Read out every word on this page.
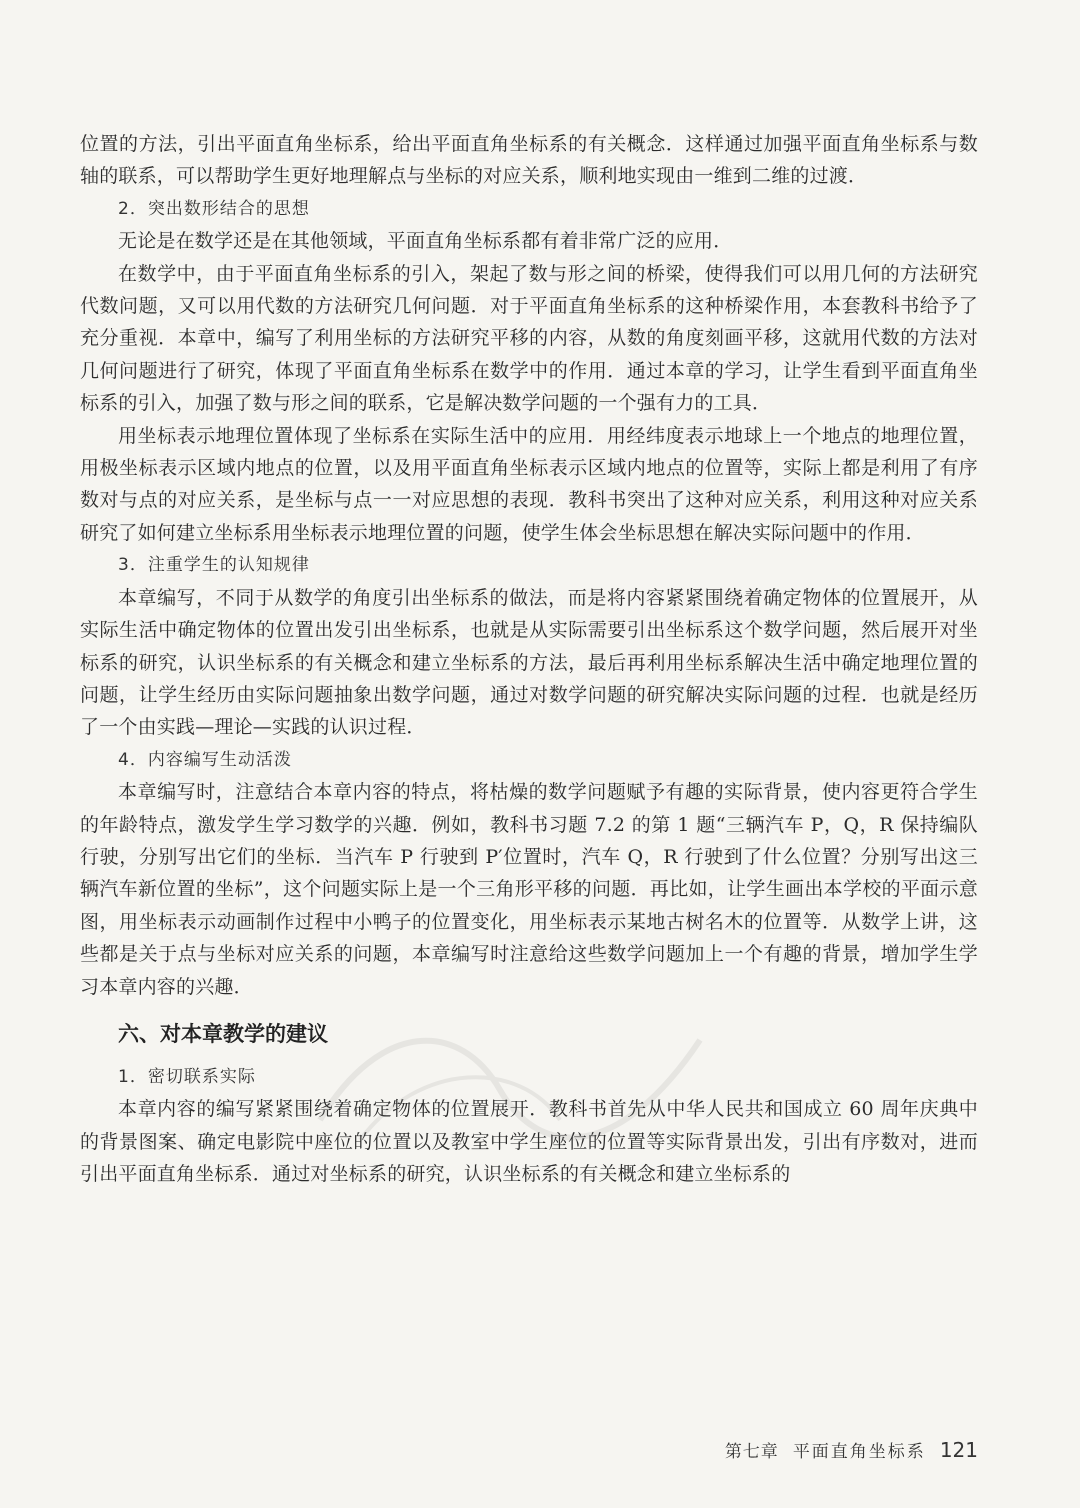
位置的方法，引出平面直角坐标系，给出平面直角坐标系的有关概念．这样通过加强平面直角坐标系与数轴的联系，可以帮助学生更好地理解点与坐标的对应关系，顺利地实现由一维到二维的过渡．

2．突出数形结合的思想

无论是在数学还是在其他领域，平面直角坐标系都有着非常广泛的应用．

在数学中，由于平面直角坐标系的引入，架起了数与形之间的桥梁，使得我们可以用几何的方法研究代数问题，又可以用代数的方法研究几何问题．对于平面直角坐标系的这种桥梁作用，本套教科书给予了充分重视．本章中，编写了利用坐标的方法研究平移的内容，从数的角度刻画平移，这就用代数的方法对几何问题进行了研究，体现了平面直角坐标系在数学中的作用．通过本章的学习，让学生看到平面直角坐标系的引入，加强了数与形之间的联系，它是解决数学问题的一个强有力的工具．

用坐标表示地理位置体现了坐标系在实际生活中的应用．用经纬度表示地球上一个地点的地理位置，用极坐标表示区域内地点的位置，以及用平面直角坐标表示区域内地点的位置等，实际上都是利用了有序数对与点的对应关系，是坐标与点一一对应思想的表现．教科书突出了这种对应关系，利用这种对应关系研究了如何建立坐标系用坐标表示地理位置的问题，使学生体会坐标思想在解决实际问题中的作用．

3．注重学生的认知规律

本章编写，不同于从数学的角度引出坐标系的做法，而是将内容紧紧围绕着确定物体的位置展开，从实际生活中确定物体的位置出发引出坐标系，也就是从实际需要引出坐标系这个数学问题，然后展开对坐标系的研究，认识坐标系的有关概念和建立坐标系的方法，最后再利用坐标系解决生活中确定地理位置的问题，让学生经历由实际问题抽象出数学问题，通过对数学问题的研究解决实际问题的过程．也就是经历了一个由实践—理论—实践的认识过程．

4．内容编写生动活泼

本章编写时，注意结合本章内容的特点，将枯燥的数学问题赋予有趣的实际背景，使内容更符合学生的年龄特点，激发学生学习数学的兴趣．例如，教科书习题 7.2 的第 1 题“三辆汽车 P，Q，R 保持编队行驶，分别写出它们的坐标．当汽车 P 行驶到 P′位置时，汽车 Q，R 行驶到了什么位置？分别写出这三辆汽车新位置的坐标”，这个问题实际上是一个三角形平移的问题．再比如，让学生画出本学校的平面示意图，用坐标表示动画制作过程中小鸭子的位置变化，用坐标表示某地古树名木的位置等．从数学上讲，这些都是关于点与坐标对应关系的问题，本章编写时注意给这些数学问题加上一个有趣的背景，增加学生学习本章内容的兴趣．

六、对本章教学的建议

1．密切联系实际

本章内容的编写紧紧围绕着确定物体的位置展开．教科书首先从中华人民共和国成立 60 周年庆典中的背景图案、确定电影院中座位的位置以及教室中学生座位的位置等实际背景出发，引出有序数对，进而引出平面直角坐标系．通过对坐标系的研究，认识坐标系的有关概念和建立坐标系的

第七章 平面直角坐标系 121
